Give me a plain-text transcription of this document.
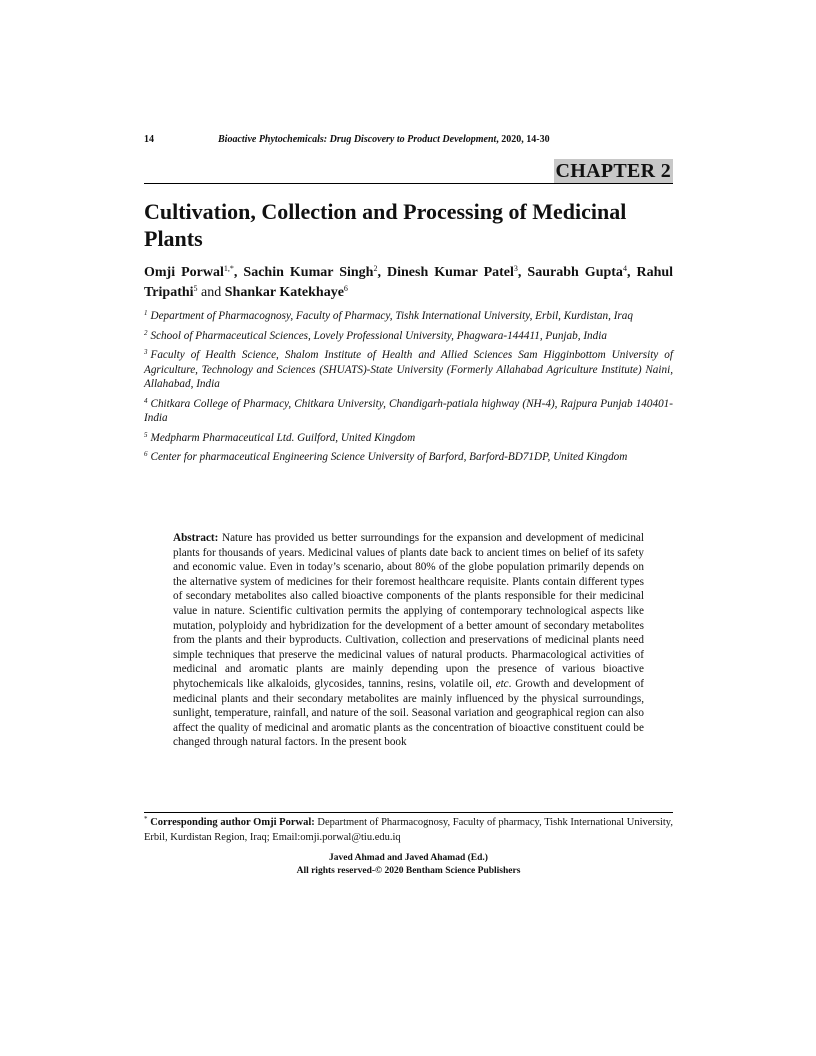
14	Bioactive Phytochemicals: Drug Discovery to Product Development, 2020, 14-30
CHAPTER 2
Cultivation, Collection and Processing of Medicinal Plants
Omji Porwal$^{1,*}$, Sachin Kumar Singh$^2$, Dinesh Kumar Patel$^3$, Saurabh Gupta$^4$, Rahul Tripathi$^5$ and Shankar Katekhaye$^6$

$^1$ Department of Pharmacognosy, Faculty of Pharmacy, Tishk International University, Erbil, Kurdistan, Iraq

$^2$ School of Pharmaceutical Sciences, Lovely Professional University, Phagwara-144411, Punjab, India

$^3$ Faculty of Health Science, Shalom Institute of Health and Allied Sciences Sam Higginbottom University of Agriculture, Technology and Sciences (SHUATS)-State University (Formerly Allahabad Agriculture Institute) Naini, Allahabad, India

$^4$ Chitkara College of Pharmacy, Chitkara University, Chandigarh-patiala highway (NH-4), Rajpura Punjab 140401-India

$^5$ Medpharm Pharmaceutical Ltd. Guilford, United Kingdom

$^6$ Center for pharmaceutical Engineering Science University of Barford, Barford-BD71DP, United Kingdom

Abstract: Nature has provided us better surroundings for the expansion and development of medicinal plants for thousands of years. Medicinal values of plants date back to ancient times on belief of its safety and economic value. Even in today’s scenario, about 80% of the globe population primarily depends on the alternative system of medicines for their foremost healthcare requisite. Plants contain different types of secondary metabolites also called bioactive components of the plants responsible for their medicinal value in nature. Scientific cultivation permits the applying of contemporary technological aspects like mutation, polyploidy and hybridization for the development of a better amount of secondary metabolites from the plants and their byproducts. Cultivation, collection and preservations of medicinal plants need simple techniques that preserve the medicinal values of natural products. Pharmacological activities of medicinal and aromatic plants are mainly depending upon the presence of various bioactive phytochemicals like alkaloids, glycosides, tannins, resins, volatile oil, etc. Growth and development of medicinal plants and their secondary metabolites are mainly influenced by the physical surroundings, sunlight, temperature, rainfall, and nature of the soil. Seasonal variation and geographical region can also affect the quality of medicinal and aromatic plants as the concentration of bioactive constituent could be changed through natural factors. In the present book
* Corresponding author Omji Porwal: Department of Pharmacognosy, Faculty of pharmacy, Tishk International University, Erbil, Kurdistan Region, Iraq; Email:omji.porwal@tiu.edu.iq
Javed Ahmad and Javed Ahamad (Ed.)
All rights reserved-© 2020 Bentham Science Publishers
